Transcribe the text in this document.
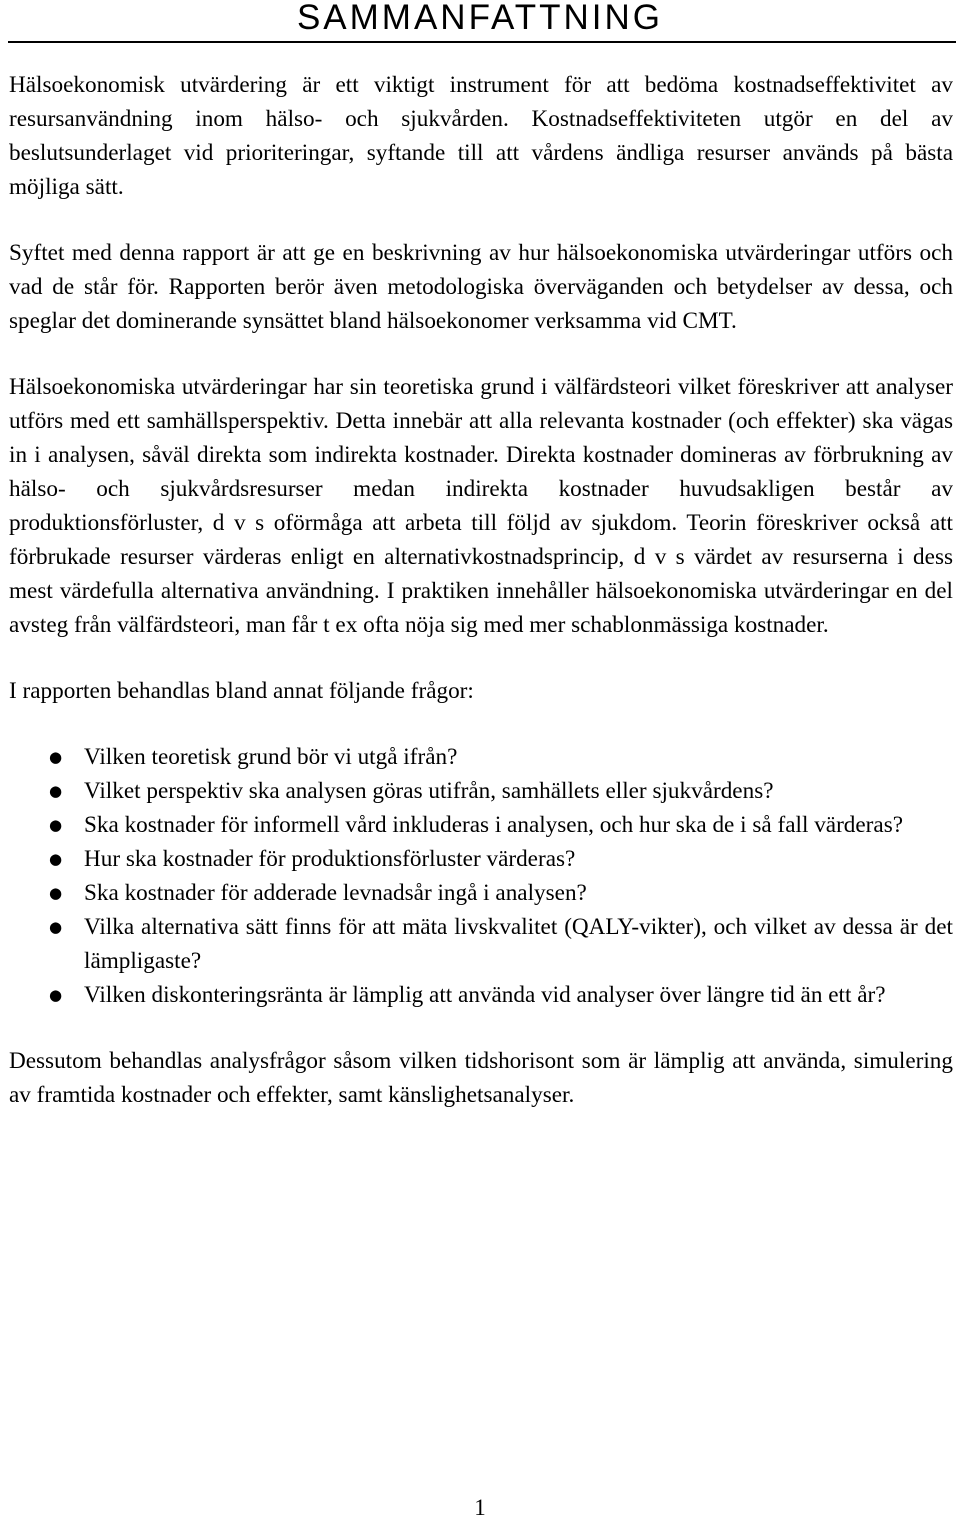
SAMMANFATTNING

Hälsoekonomisk utvärdering är ett viktigt instrument för att bedöma kostnadseffektivitet av resursanvändning inom hälso- och sjukvården. Kostnadseffektiviteten utgör en del av beslutsunderlaget vid prioriteringar, syftande till att vårdens ändliga resurser används på bästa möjliga sätt.

Syftet med denna rapport är att ge en beskrivning av hur hälsoekonomiska utvärderingar utförs och vad de står för. Rapporten berör även metodologiska överväganden och betydelser av dessa, och speglar det dominerande synsättet bland hälsoekonomer verksamma vid CMT.

Hälsoekonomiska utvärderingar har sin teoretiska grund i välfärdsteori vilket föreskriver att analyser utförs med ett samhällsperspektiv. Detta innebär att alla relevanta kostnader (och effekter) ska vägas in i analysen, såväl direkta som indirekta kostnader. Direkta kostnader domineras av förbrukning av hälso- och sjukvårdsresurser medan indirekta kostnader huvudsakligen består av produktionsförluster, d v s oförmåga att arbeta till följd av sjukdom. Teorin föreskriver också att förbrukade resurser värderas enligt en alternativkostnadsprincip, d v s värdet av resurserna i dess mest värdefulla alternativa användning. I praktiken innehåller hälsoekonomiska utvärderingar en del avsteg från välfärdsteori, man får t ex ofta nöja sig med mer schablonmässiga kostnader.

I rapporten behandlas bland annat följande frågor:

● Vilken teoretisk grund bör vi utgå ifrån?
● Vilket perspektiv ska analysen göras utifrån, samhällets eller sjukvårdens?
● Ska kostnader för informell vård inkluderas i analysen, och hur ska de i så fall värderas?
● Hur ska kostnader för produktionsförluster värderas?
● Ska kostnader för adderade levnadsår ingå i analysen?
● Vilka alternativa sätt finns för att mäta livskvalitet (QALY-vikter), och vilket av dessa är det lämpligaste?
● Vilken diskonteringsränta är lämplig att använda vid analyser över längre tid än ett år?

Dessutom behandlas analysfrågor såsom vilken tidshorisont som är lämplig att använda, simulering av framtida kostnader och effekter, samt känslighetsanalyser.

1
